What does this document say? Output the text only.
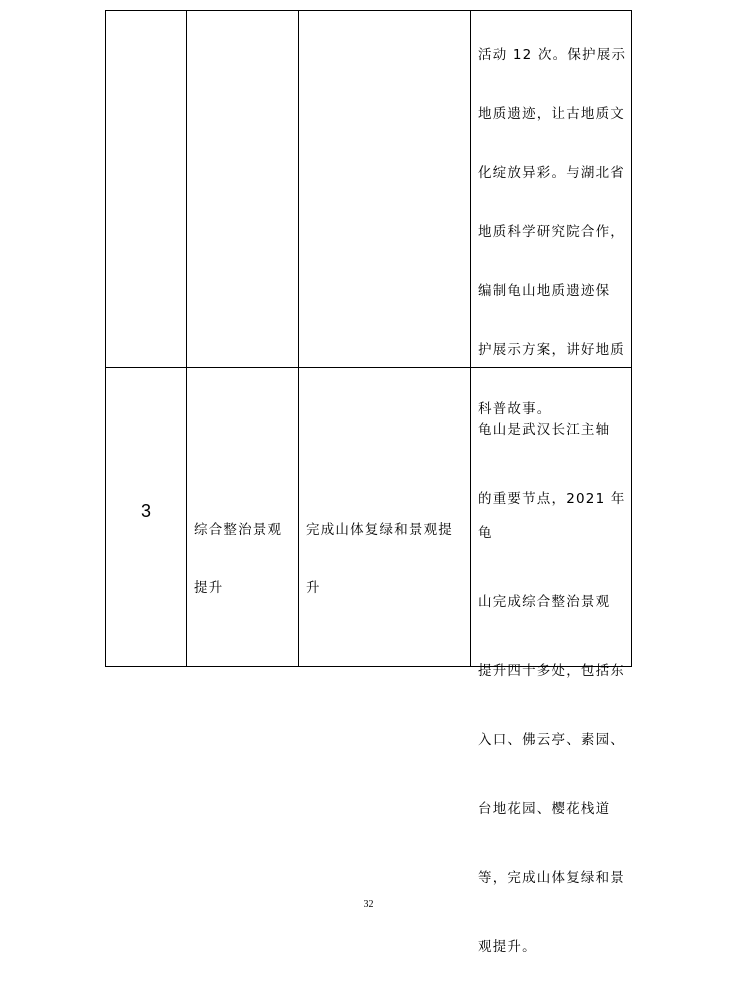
活动 12 次。保护展示

地质遗迹，让古地质文

化绽放异彩。与湖北省

地质科学研究院合作，

编制龟山地质遗迹保

护展示方案，讲好地质

科普故事。

3

综合整治景观

提升

完成山体复绿和景观提

升

龟山是武汉长江主轴

的重要节点，2021 年龟

山完成综合整治景观

提升四十多处，包括东

入口、佛云亭、素园、

台地花园、樱花栈道

等，完成山体复绿和景

观提升。

32
